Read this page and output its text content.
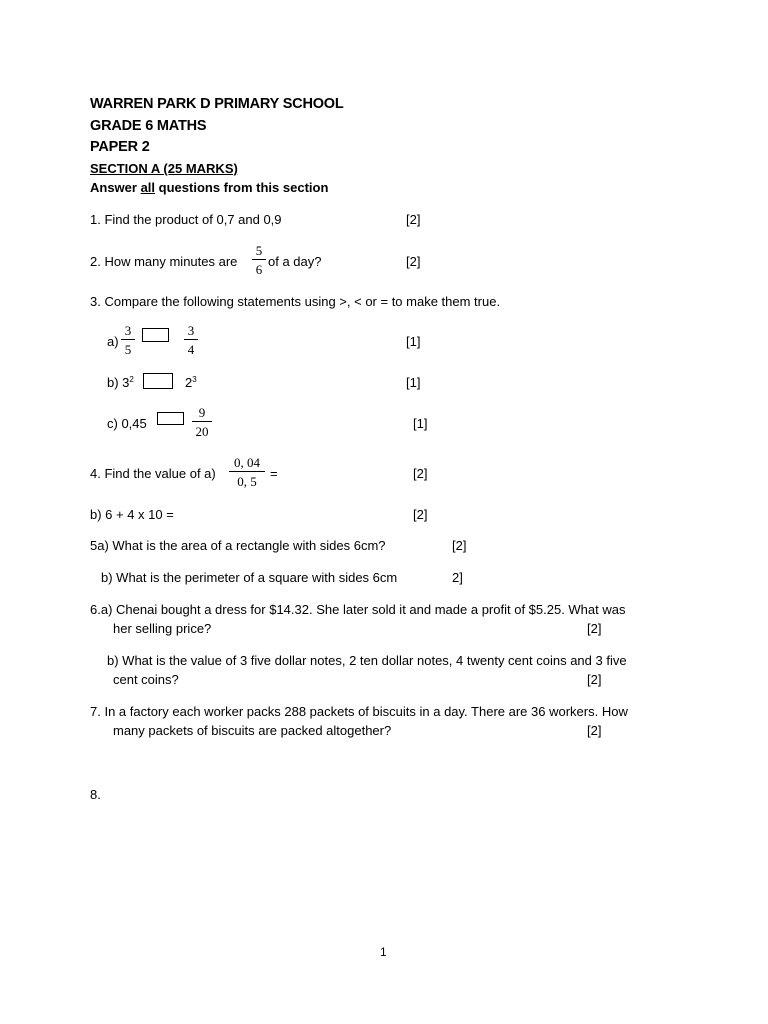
WARREN PARK D PRIMARY SCHOOL
GRADE 6 MATHS
PAPER 2
SECTION A (25 MARKS)
Answer all questions from this section
1. Find the product of 0,7 and 0,9	[2]
2. How many minutes are
5
6
of a day?	[2]
3. Compare the following statements using >, < or = to make them true.
a)
3
5
3
4
[1]
b) $3^2$	$2^3$	[1]
c) 0,45
9
20
[1]
4. Find the value of a)
0, 04
0, 5
=	[2]
b) 6 + 4 x 10 =	[2]
5a) What is the area of a rectangle with sides 6cm?	[2]
b) What is the perimeter of a square with sides 6cm	2]
6.a) Chenai bought a dress for $14.32. She later sold it and made a profit of $5.25. What was
her selling price?	[2]
b) What is the value of 3 five dollar notes, 2 ten dollar notes, 4 twenty cent coins and 3 five
cent coins?	[2]
7. In a factory each worker packs 288 packets of biscuits in a day. There are 36 workers. How
many packets of biscuits are packed altogether?	[2]
8.
1
